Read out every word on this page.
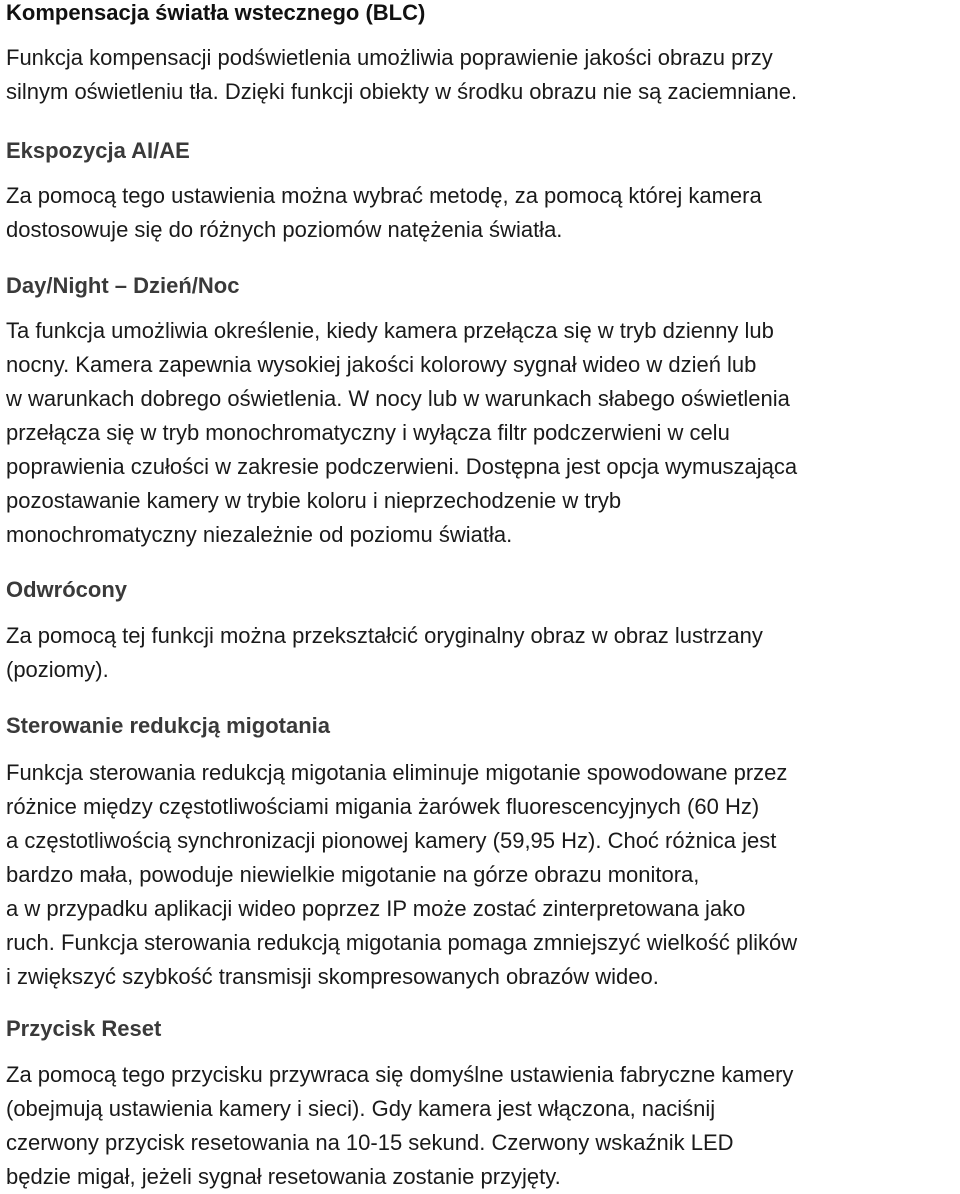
Kompensacja światła wstecznego (BLC)
Funkcja kompensacji podświetlenia umożliwia poprawienie jakości obrazu przy
silnym oświetleniu tła. Dzięki funkcji obiekty w środku obrazu nie są zaciemniane.
Ekspozycja AI/AE
Za pomocą tego ustawienia można wybrać metodę, za pomocą której kamera
dostosowuje się do różnych poziomów natężenia światła.
Day/Night – Dzień/Noc
Ta funkcja umożliwia określenie, kiedy kamera przełącza się w tryb dzienny lub
nocny. Kamera zapewnia wysokiej jakości kolorowy sygnał wideo w dzień lub
w warunkach dobrego oświetlenia. W nocy lub w warunkach słabego oświetlenia
przełącza się w tryb monochromatyczny i wyłącza filtr podczerwieni w celu
poprawienia czułości w zakresie podczerwieni. Dostępna jest opcja wymuszająca
pozostawanie kamery w trybie koloru i nieprzechodzenie w tryb
monochromatyczny niezależnie od poziomu światła.
Odwrócony
Za pomocą tej funkcji można przekształcić oryginalny obraz w obraz lustrzany
(poziomy).
Sterowanie redukcją migotania
Funkcja sterowania redukcją migotania eliminuje migotanie spowodowane przez
różnice między częstotliwościami migania żarówek fluorescencyjnych (60 Hz)
a częstotliwością synchronizacji pionowej kamery (59,95 Hz). Choć różnica jest
bardzo mała, powoduje niewielkie migotanie na górze obrazu monitora,
a w przypadku aplikacji wideo poprzez IP może zostać zinterpretowana jako
ruch. Funkcja sterowania redukcją migotania pomaga zmniejszyć wielkość plików
i zwiększyć szybkość transmisji skompresowanych obrazów wideo.
Przycisk Reset
Za pomocą tego przycisku przywraca się domyślne ustawienia fabryczne kamery
(obejmują ustawienia kamery i sieci). Gdy kamera jest włączona, naciśnij
czerwony przycisk resetowania na 10-15 sekund. Czerwony wskaźnik LED
będzie migał, jeżeli sygnał resetowania zostanie przyjęty.
